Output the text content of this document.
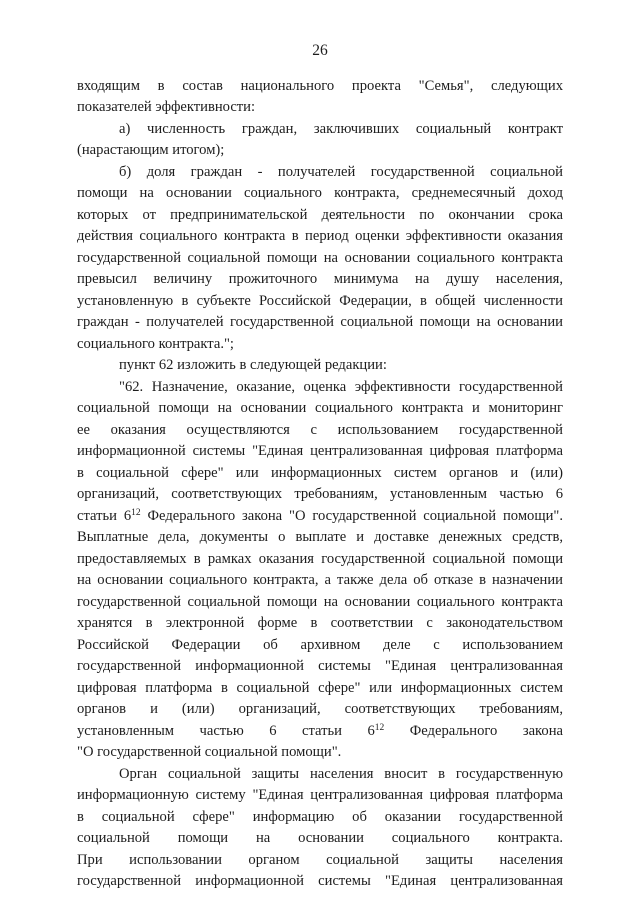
26
входящим в состав национального проекта "Семья", следующих
показателей эффективности:
а) численность граждан, заключивших социальный контракт
(нарастающим итогом);
б) доля граждан - получателей государственной социальной
помощи на основании социального контракта, среднемесячный доход
которых от предпринимательской деятельности по окончании срока
действия социального контракта в период оценки эффективности оказания
государственной социальной помощи на основании социального контракта
превысил величину прожиточного минимума на душу населения,
установленную в субъекте Российской Федерации, в общей численности
граждан - получателей государственной социальной помощи на основании
социального контракта.";
пункт 62 изложить в следующей редакции:
"62. Назначение, оказание, оценка эффективности государственной
социальной помощи на основании социального контракта и мониторинг
ее оказания осуществляются с использованием государственной
информационной системы "Единая централизованная цифровая платформа
в социальной сфере" или информационных систем органов и (или)
организаций, соответствующих требованиям, установленным частью 6
статьи $6^{12}$ Федерального закона "О государственной социальной помощи".
Выплатные дела, документы о выплате и доставке денежных средств,
предоставляемых в рамках оказания государственной социальной помощи
на основании социального контракта, а также дела об отказе в назначении
государственной социальной помощи на основании социального контракта
хранятся в электронной форме в соответствии с законодательством
Российской Федерации об архивном деле с использованием
государственной информационной системы "Единая централизованная
цифровая платформа в социальной сфере" или информационных систем
органов и (или) организаций, соответствующих требованиям,
установленным частью 6 статьи $6^{12}$ Федерального закона
"О государственной социальной помощи".
Орган социальной защиты населения вносит в государственную
информационную систему "Единая централизованная цифровая платформа
в социальной сфере" информацию об оказании государственной
социальной помощи на основании социального контракта.
При использовании органом социальной защиты населения
государственной информационной системы "Единая централизованная
